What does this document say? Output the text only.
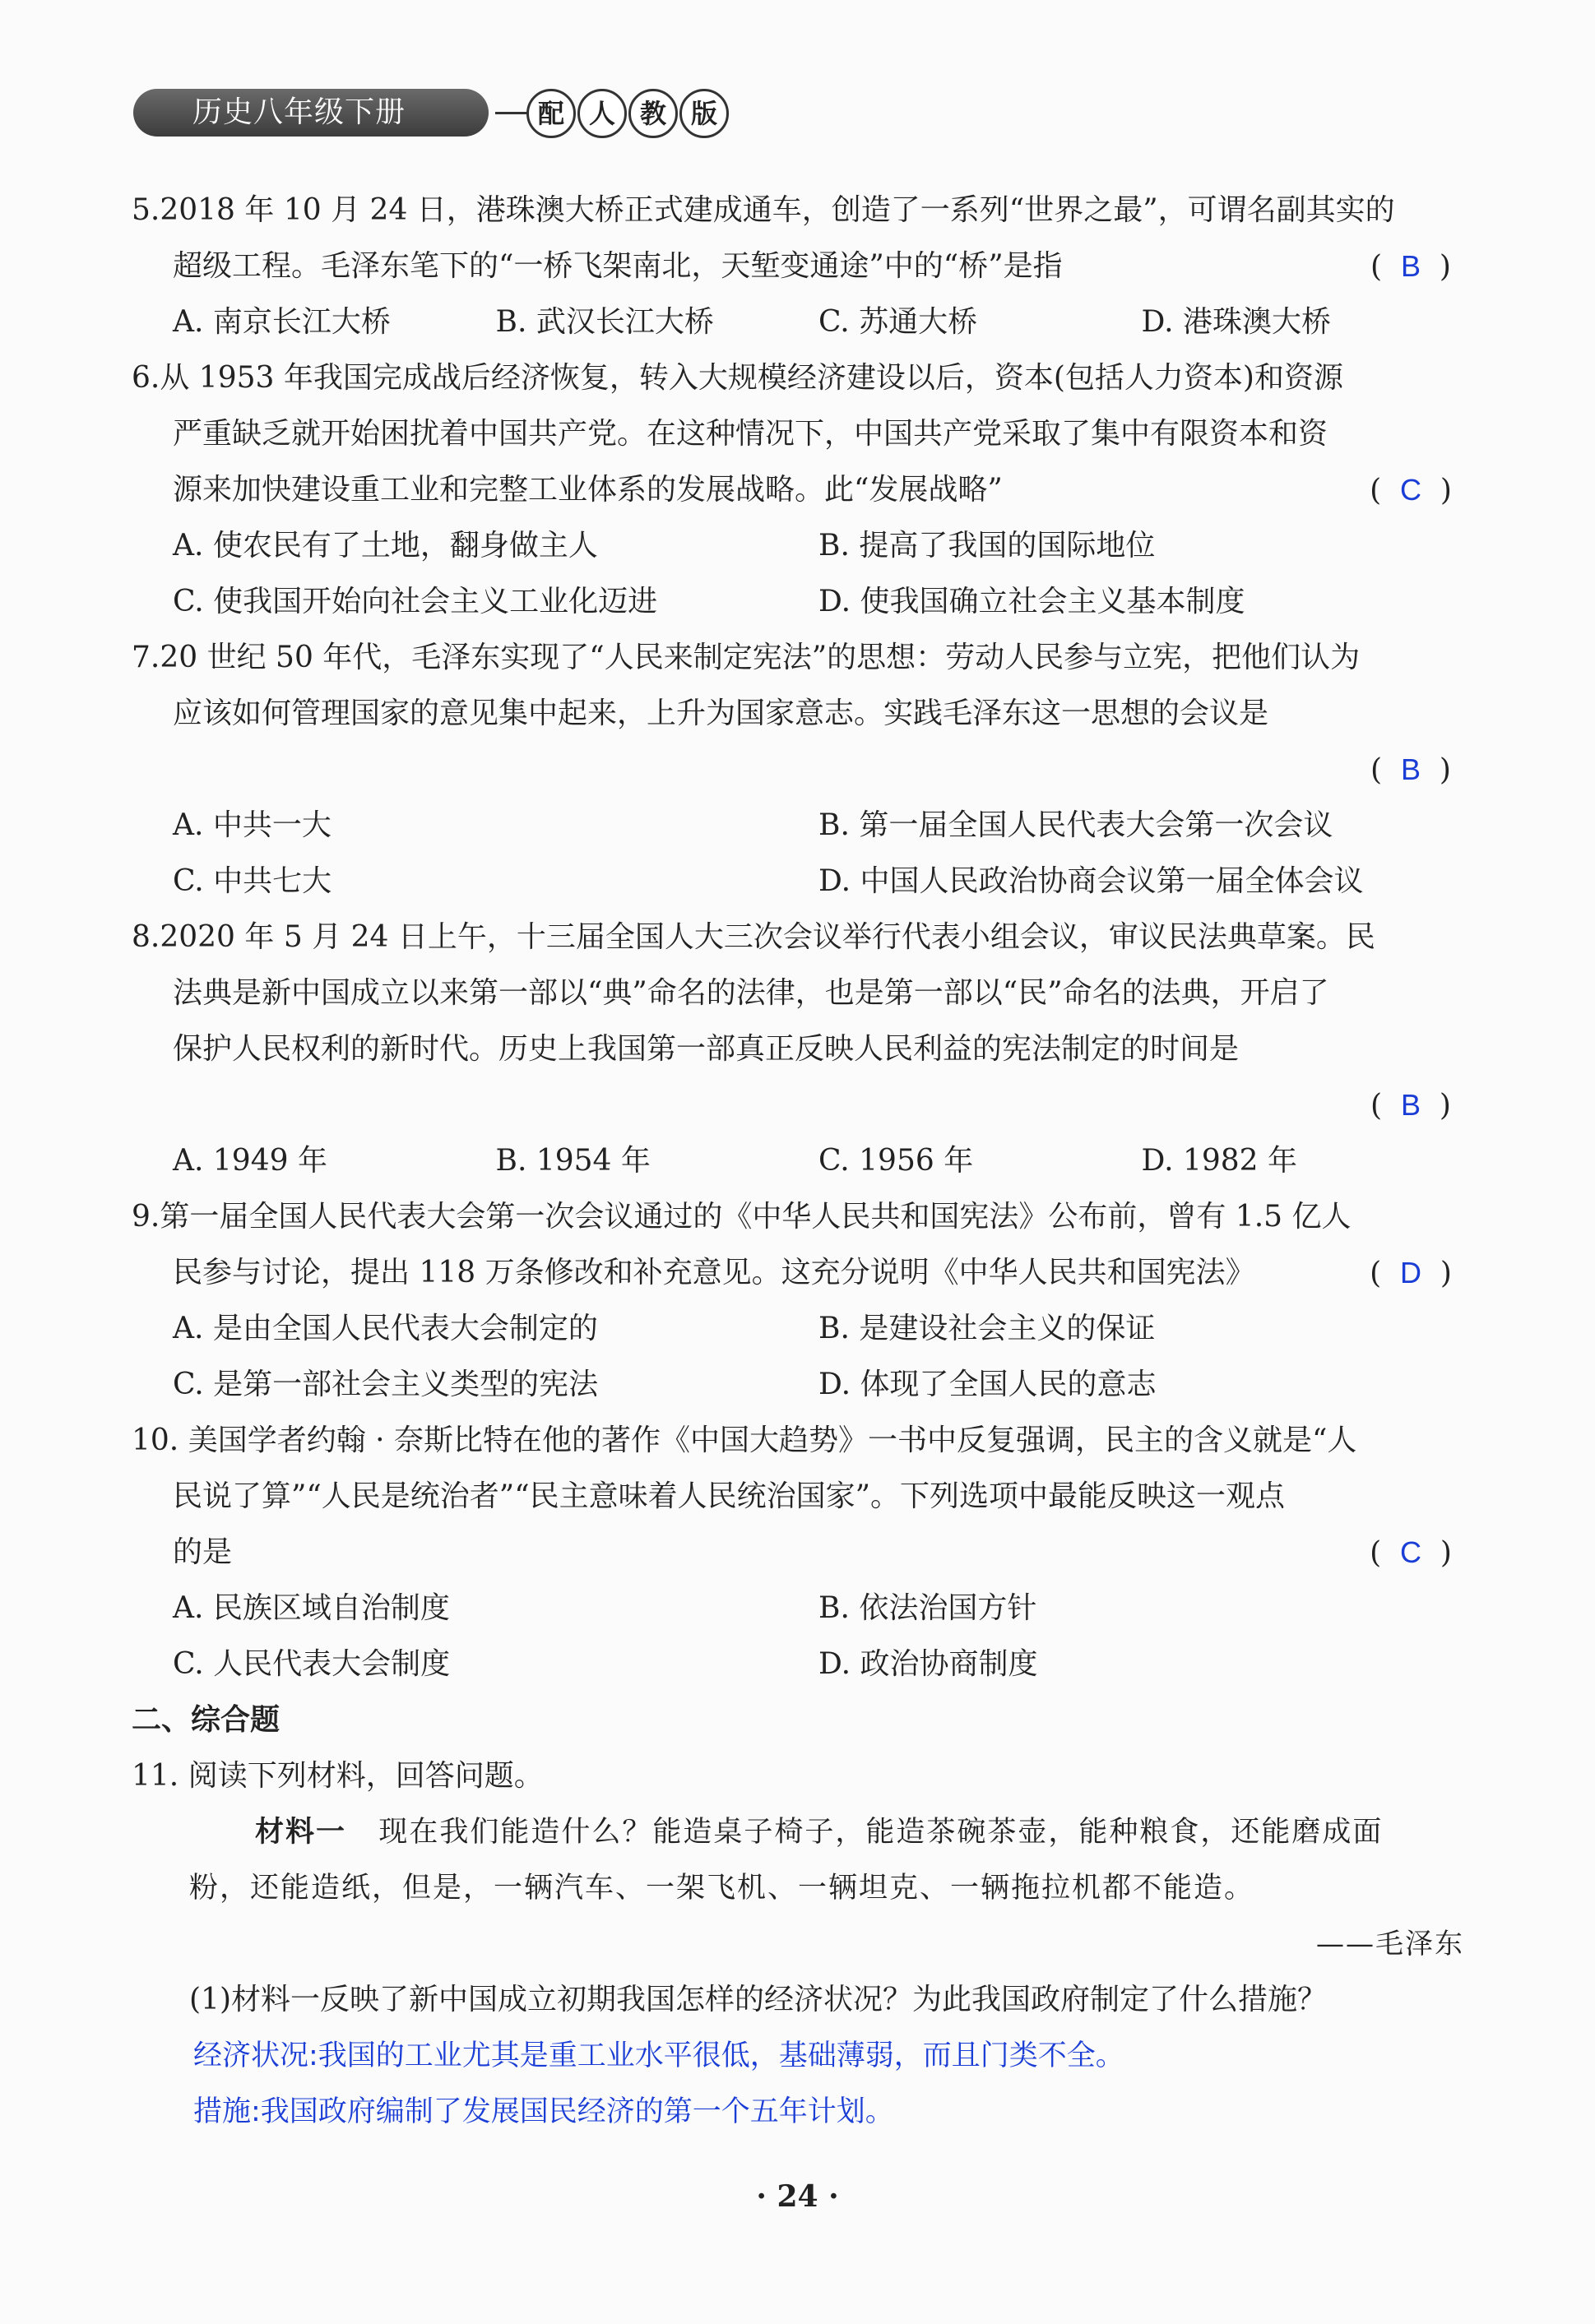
历史八年级下册	配 人 教 版
5.2018 年 10 月 24 日，港珠澳大桥正式建成通车，创造了一系列“世界之最”，可谓名副其实的
超级工程。毛泽东笔下的“一桥飞架南北，天堑变通途”中的“桥”是指	(  B  )
A. 南京长江大桥	B. 武汉长江大桥	C. 苏通大桥	D. 港珠澳大桥
6.从 1953 年我国完成战后经济恢复，转入大规模经济建设以后，资本(包括人力资本)和资源
严重缺乏就开始困扰着中国共产党。在这种情况下，中国共产党采取了集中有限资本和资
源来加快建设重工业和完整工业体系的发展战略。此“发展战略”	(  C  )
A. 使农民有了土地，翻身做主人	B. 提高了我国的国际地位
C. 使我国开始向社会主义工业化迈进	D. 使我国确立社会主义基本制度
7.20 世纪 50 年代，毛泽东实现了“人民来制定宪法”的思想：劳动人民参与立宪，把他们认为
应该如何管理国家的意见集中起来，上升为国家意志。实践毛泽东这一思想的会议是
(  B  )
A. 中共一大	B. 第一届全国人民代表大会第一次会议
C. 中共七大	D. 中国人民政治协商会议第一届全体会议
8.2020 年 5 月 24 日上午，十三届全国人大三次会议举行代表小组会议，审议民法典草案。民
法典是新中国成立以来第一部以“典”命名的法律，也是第一部以“民”命名的法典，开启了
保护人民权利的新时代。历史上我国第一部真正反映人民利益的宪法制定的时间是
(  B  )
A. 1949 年	B. 1954 年	C. 1956 年	D. 1982 年
9.第一届全国人民代表大会第一次会议通过的《中华人民共和国宪法》公布前，曾有 1.5 亿人
民参与讨论，提出 118 万条修改和补充意见。这充分说明《中华人民共和国宪法》	(  D  )
A. 是由全国人民代表大会制定的	B. 是建设社会主义的保证
C. 是第一部社会主义类型的宪法	D. 体现了全国人民的意志
10. 美国学者约翰 · 奈斯比特在他的著作《中国大趋势》一书中反复强调，民主的含义就是“人
民说了算”“人民是统治者”“民主意味着人民统治国家”。下列选项中最能反映这一观点
的是	(  C  )
A. 民族区域自治制度	B. 依法治国方针
C. 人民代表大会制度	D. 政治协商制度
二、综合题
11. 阅读下列材料，回答问题。
材料一 现在我们能造什么？能造桌子椅子，能造茶碗茶壶，能种粮食，还能磨成面
粉，还能造纸，但是，一辆汽车、一架飞机、一辆坦克、一辆拖拉机都不能造。
——毛泽东
(1)材料一反映了新中国成立初期我国怎样的经济状况？为此我国政府制定了什么措施？
经济状况:我国的工业尤其是重工业水平很低，基础薄弱，而且门类不全。
措施:我国政府编制了发展国民经济的第一个五年计划。
· 24 ·
